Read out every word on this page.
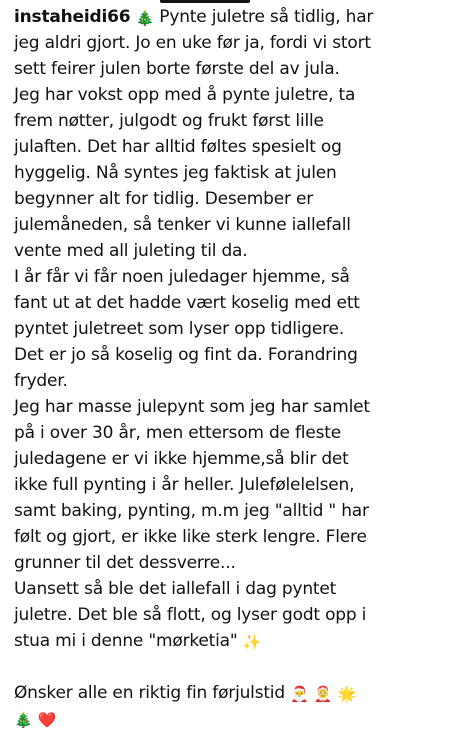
instaheidi66 🎄 Pynte juletre så tidlig, har
jeg aldri gjort. Jo en uke før ja, fordi vi stort
sett feirer julen borte første del av jula.
Jeg har vokst opp med å pynte juletre, ta
frem nøtter, julgodt og frukt først lille
julaften. Det har alltid føltes spesielt og
hyggelig. Nå syntes jeg faktisk at julen
begynner alt for tidlig. Desember er
julemåneden, så tenker vi kunne iallefall
vente med all juleting til da.
I år får vi får noen juledager hjemme, så
fant ut at det hadde vært koselig med ett
pyntet juletreet som lyser opp tidligere.
Det er jo så koselig og fint da. Forandring
fryder.
Jeg har masse julepynt som jeg har samlet
på i over 30 år, men ettersom de fleste
juledagene er vi ikke hjemme,så blir det
ikke full pynting i år heller. Julefølelelsen,
samt baking, pynting, m.m jeg "alltid " har
følt og gjort, er ikke like sterk lengre. Flere
grunner til det dessverre...
Uansett så ble det iallefall i dag pyntet
juletre. Det ble så flott, og lyser godt opp i
stua mi i denne "mørketia" ✨
Ønsker alle en riktig fin førjulstid 🎅 🤶 🌟
🎄 ❤️
